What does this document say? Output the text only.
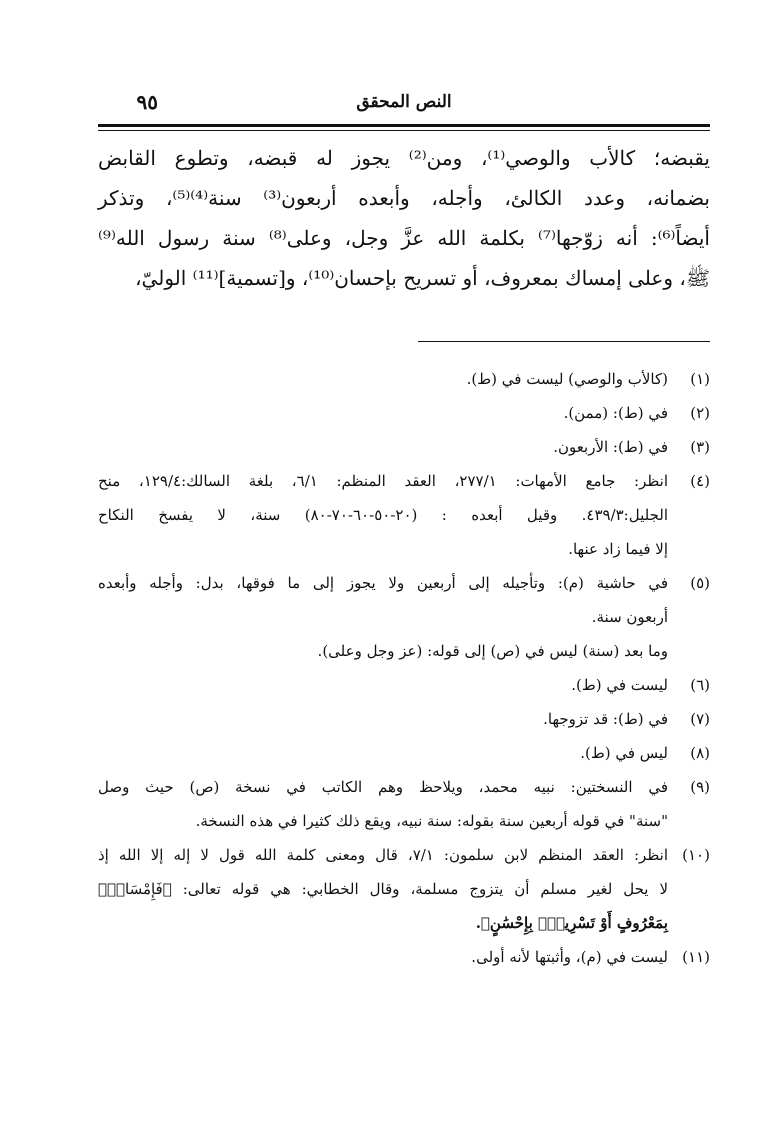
النص المحقق
٩٥

يقبضه؛ كالأب والوصي⁽¹⁾، ومن⁽²⁾ يجوز له قبضه، وتطوع القابض
بضمانه، وعدد الكالئ، وأجله، وأبعده أربعون⁽³⁾ سنة⁽⁴⁾⁽⁵⁾، وتذكر
أيضاً⁽⁶⁾: أنه زوّجها⁽⁷⁾ بكلمة الله عزَّ وجل، وعلى⁽⁸⁾ سنة رسول الله⁽⁹⁾
ﷺ، وعلى إمساك بمعروف، أو تسريح بإحسان⁽¹⁰⁾، و[تسمية]⁽¹¹⁾ الوليّ،

(١)
(كالأب والوصي) ليست في (ط).
(٢)
في (ط): (ممن).
(٣)
في (ط): الأربعون.
(٤)
انظر: جامع الأمهات: ٢٧٧/١، العقد المنظم: ٦/١، بلغة السالك:١٢٩/٤، منح
الجليل:٤٣٩/٣. وقيل أبعده : (٢٠-٥٠-٦٠-٧٠-٨٠) سنة، لا يفسخ النكاح
إلا فيما زاد عنها.
(٥)
في حاشية (م): وتأجيله إلى أربعين ولا يجوز إلى ما فوقها، بدل: وأجله وأبعده
أربعون سنة.
وما بعد (سنة) ليس في (ص) إلى قوله: (عز وجل وعلى).
(٦)
ليست في (ط).
(٧)
في (ط): قد تزوجها.
(٨)
ليس في (ط).
(٩)
في النسختين: نبيه محمد، ويلاحظ وهم الكاتب في نسخة (ص) حيث وصل
"سنة" في قوله أربعين سنة بقوله: سنة نبيه، ويقع ذلك كثيرا في هذه النسخة.
(١٠)
انظر: العقد المنظم لابن سلمون: ٧/١، قال ومعنى كلمة الله قول لا إله إلا الله إذ
لا يحل لغير مسلم أن يتزوج مسلمة، وقال الخطابي: هي قوله تعالى: ﴿فَإِمْسَاكُۢ
بِمَعْرُوفٍ أَوْ تَسْرِيحُۢ بِإِحْسَٰنٍ﴾.
(١١)
ليست في (م)، وأثبتها لأنه أولى.
